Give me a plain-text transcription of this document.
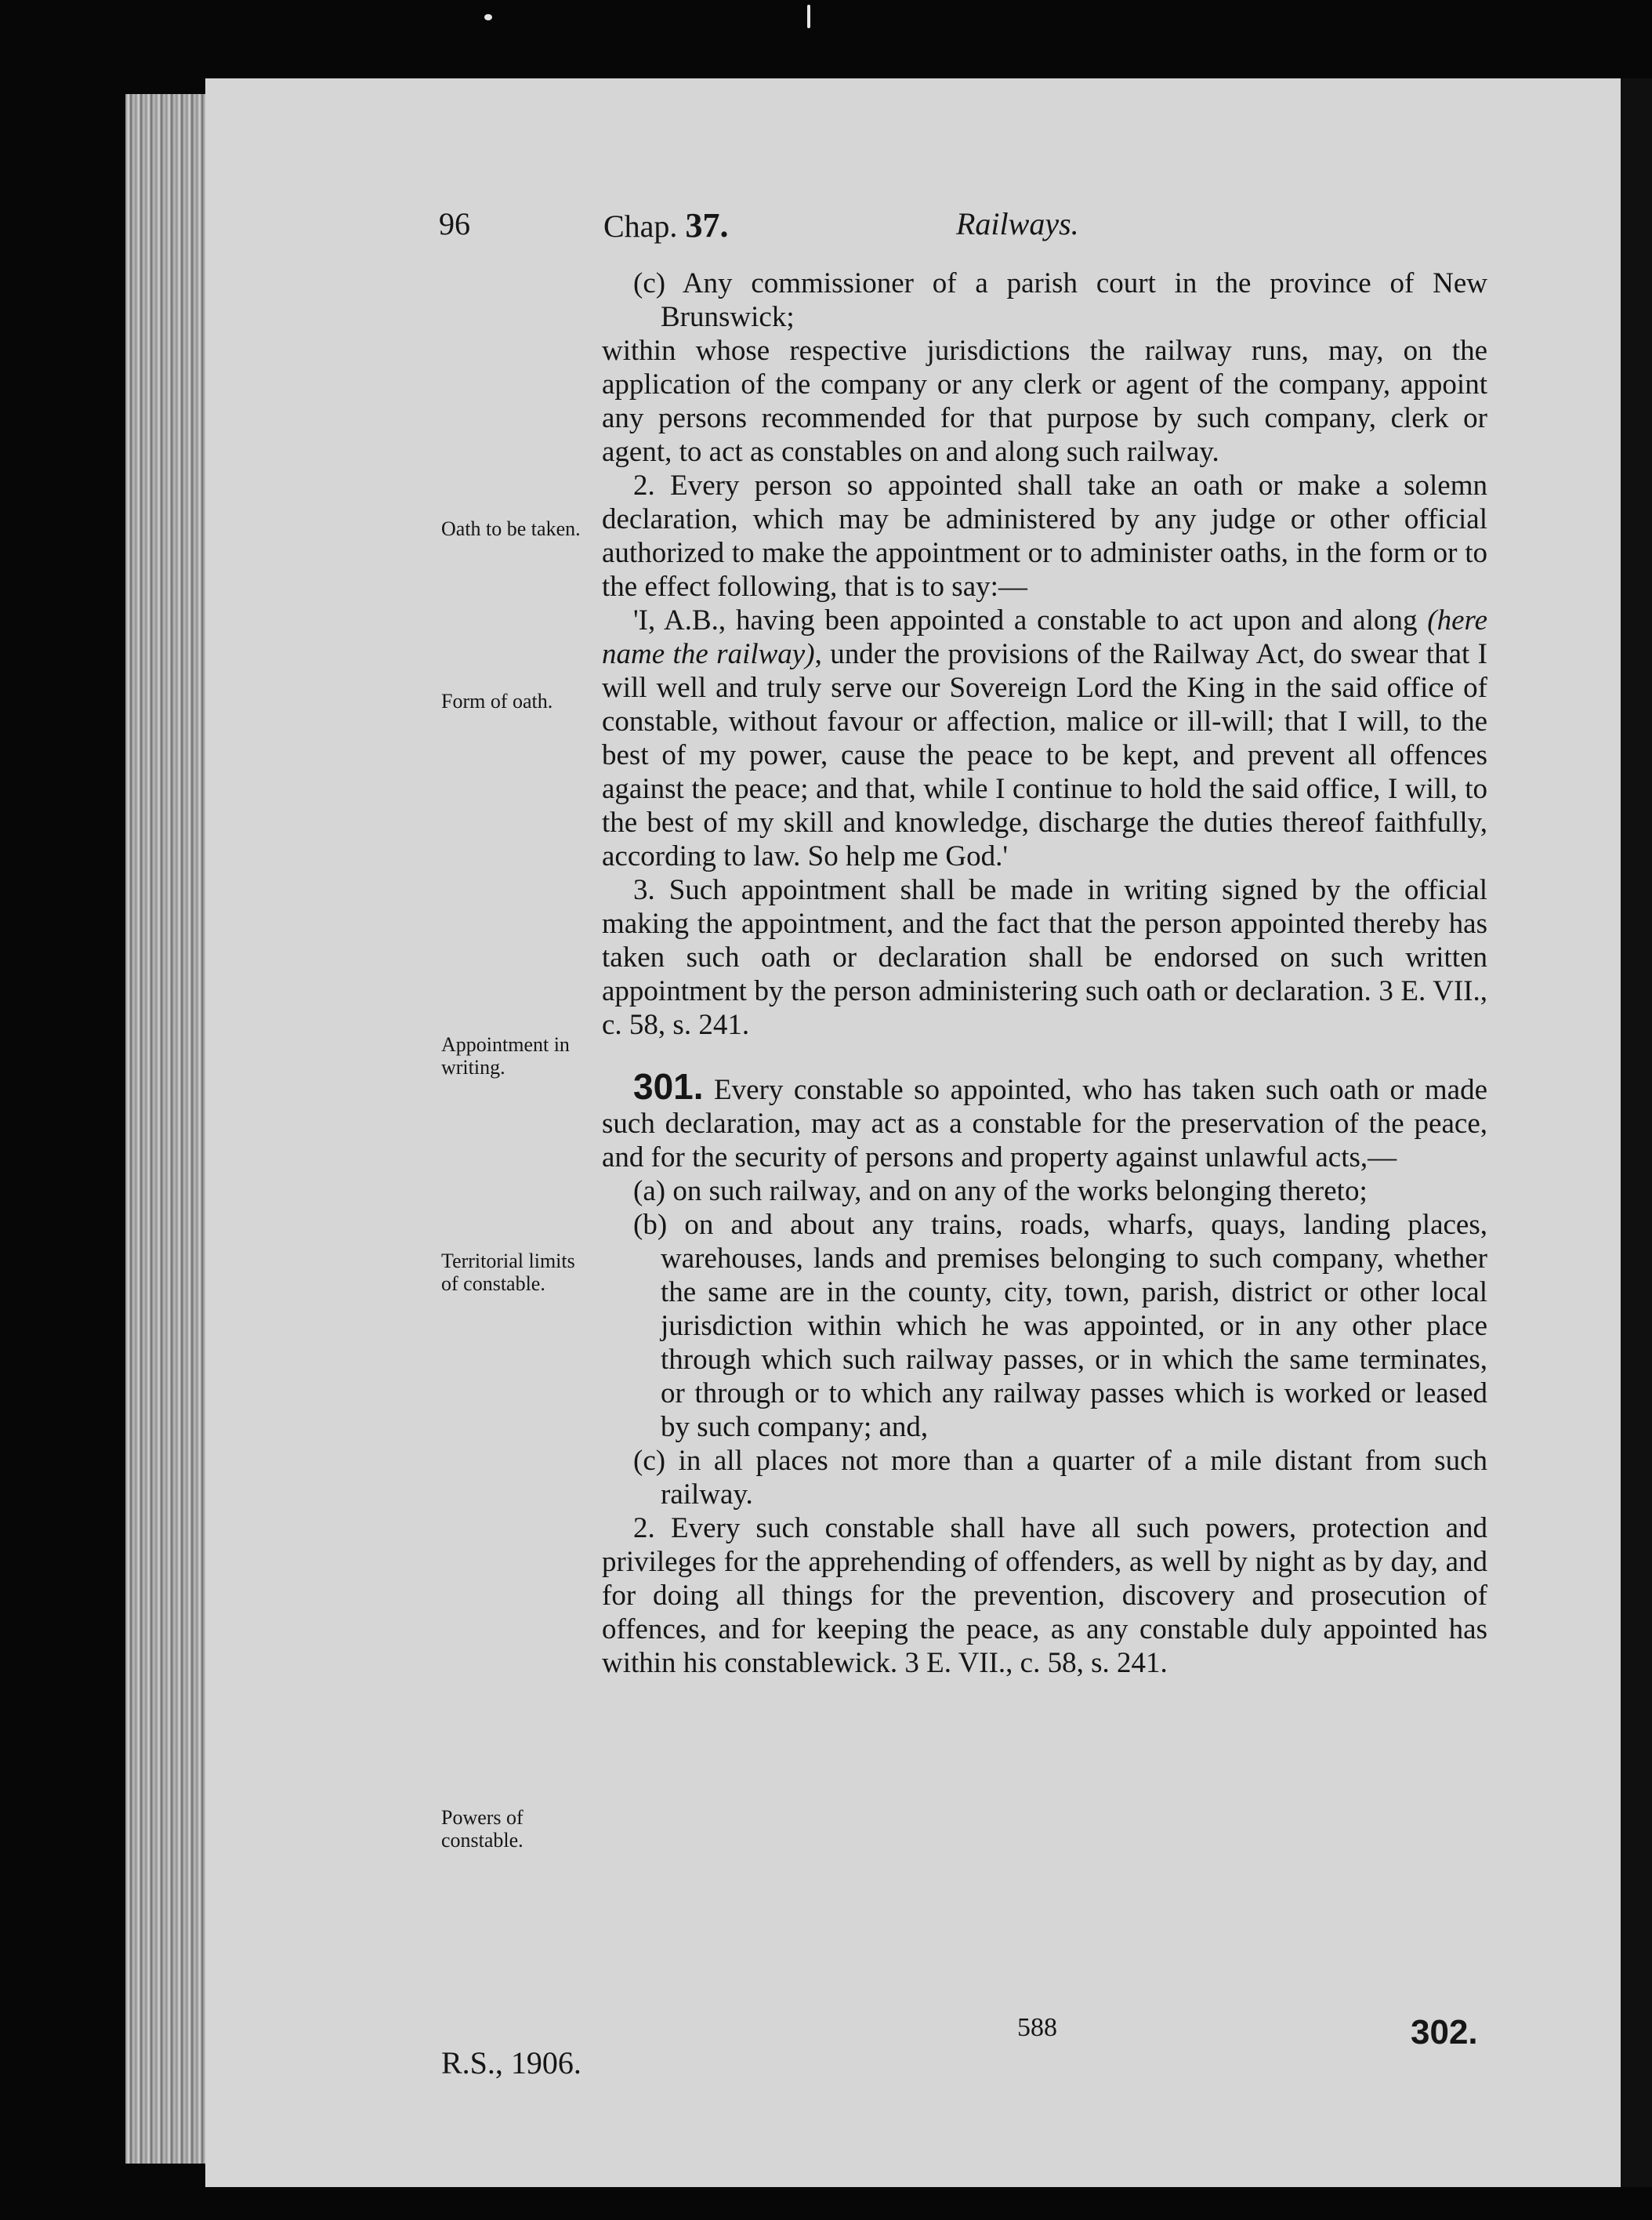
96	Chap. 37.	Railways.

(c) Any commissioner of a parish court in the province of New Brunswick;

within whose respective jurisdictions the railway runs, may, on the application of the company or any clerk or agent of the company, appoint any persons recommended for that purpose by such company, clerk or agent, to act as constables on and along such railway.

2. Every person so appointed shall take an oath or make a solemn declaration, which may be administered by any judge or other official authorized to make the appointment or to administer oaths, in the form or to the effect following, that is to say:—

'I, A.B., having been appointed a constable to act upon and along (here name the railway), under the provisions of the Railway Act, do swear that I will well and truly serve our Sovereign Lord the King in the said office of constable, without favour or affection, malice or ill-will; that I will, to the best of my power, cause the peace to be kept, and prevent all offences against the peace; and that, while I continue to hold the said office, I will, to the best of my skill and knowledge, discharge the duties thereof faithfully, according to law. So help me God.'

3. Such appointment shall be made in writing signed by the official making the appointment, and the fact that the person appointed thereby has taken such oath or declaration shall be endorsed on such written appointment by the person administering such oath or declaration. 3 E. VII., c. 58, s. 241.

301. Every constable so appointed, who has taken such oath or made such declaration, may act as a constable for the preservation of the peace, and for the security of persons and property against unlawful acts,—

(a) on such railway, and on any of the works belonging thereto;

(b) on and about any trains, roads, wharfs, quays, landing places, warehouses, lands and premises belonging to such company, whether the same are in the county, city, town, parish, district or other local jurisdiction within which he was appointed, or in any other place through which such railway passes, or in which the same terminates, or through or to which any railway passes which is worked or leased by such company; and,

(c) in all places not more than a quarter of a mile distant from such railway.

2. Every such constable shall have all such powers, protection and privileges for the apprehending of offenders, as well by night as by day, and for doing all things for the prevention, discovery and prosecution of offences, and for keeping the peace, as any constable duly appointed has within his constablewick. 3 E. VII., c. 58, s. 241.

Oath to be taken.
Form of oath.
Appointment in writing.
Territorial limits of constable.
Powers of constable.
588	302.
R.S., 1906.
